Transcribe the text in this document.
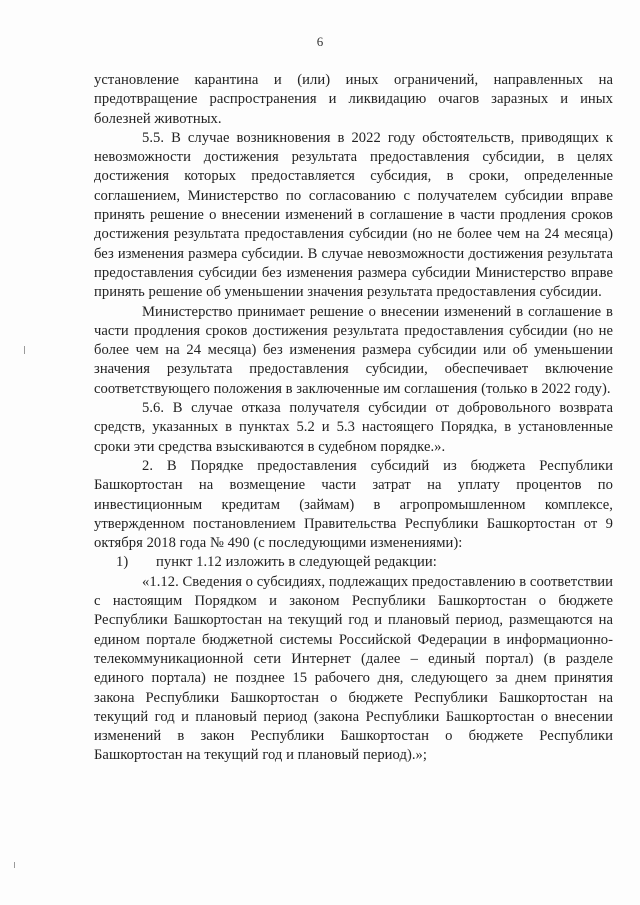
6

установление карантина и (или) иных ограничений, направленных на предотвращение распространения и ликвидацию очагов заразных и иных болезней животных.

5.5. В случае возникновения в 2022 году обстоятельств, приводящих к невозможности достижения результата предоставления субсидии, в целях достижения которых предоставляется субсидия, в сроки, определенные соглашением, Министерство по согласованию с получателем субсидии вправе принять решение о внесении изменений в соглашение в части продления сроков достижения результата предоставления субсидии (но не более чем на 24 месяца) без изменения размера субсидии. В случае невозможности достижения результата предоставления субсидии без изменения размера субсидии Министерство вправе принять решение об уменьшении значения результата предоставления субсидии.

Министерство принимает решение о внесении изменений в соглашение в части продления сроков достижения результата предоставления субсидии (но не более чем на 24 месяца) без изменения размера субсидии или об уменьшении значения результата предоставления субсидии, обеспечивает включение соответствующего положения в заключенные им соглашения (только в 2022 году).

5.6. В случае отказа получателя субсидии от добровольного возврата средств, указанных в пунктах 5.2 и 5.3 настоящего Порядка, в установленные сроки эти средства взыскиваются в судебном порядке.».

2. В Порядке предоставления субсидий из бюджета Республики Башкортостан на возмещение части затрат на уплату процентов по инвестиционным кредитам (займам) в агропромышленном комплексе, утвержденном постановлением Правительства Республики Башкортостан от 9 октября 2018 года № 490 (с последующими изменениями):

1) пункт 1.12 изложить в следующей редакции:

«1.12. Сведения о субсидиях, подлежащих предоставлению в соответствии с настоящим Порядком и законом Республики Башкортостан о бюджете Республики Башкортостан на текущий год и плановый период, размещаются на едином портале бюджетной системы Российской Федерации в информационно-телекоммуникационной сети Интернет (далее – единый портал) (в разделе единого портала) не позднее 15 рабочего дня, следующего за днем принятия закона Республики Башкортостан о бюджете Республики Башкортостан на текущий год и плановый период (закона Республики Башкортостан о внесении изменений в закон Республики Башкортостан о бюджете Республики Башкортостан на текущий год и плановый период).»;
